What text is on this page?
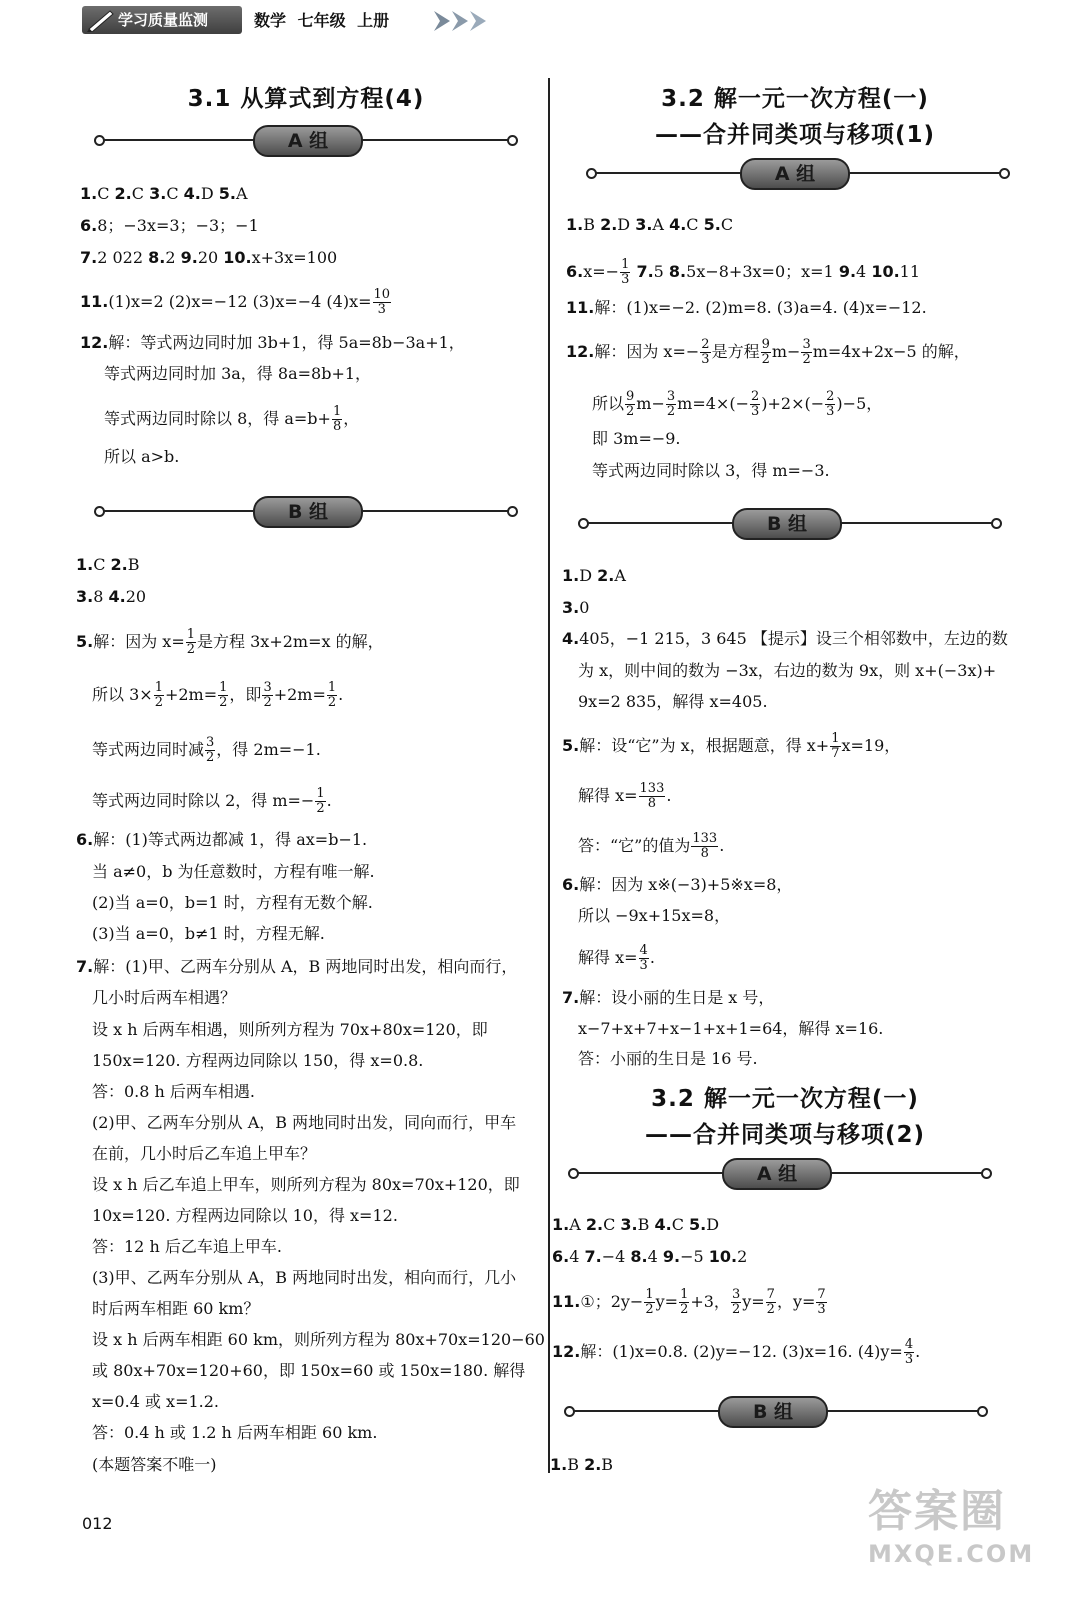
学习质量监测	数学 七年级 上册
3.1 从算式到方程(4)
A 组
1.C 2.C 3.C 4.D 5.A
6.8；−3x=3；−3；−1
7.2 022 8.2 9.20 10.x+3x=100
11.(1)x=2 (2)x=−12 (3)x=−4 $(4)x= \frac{10}{3}$
12.解：等式两边同时加 3b+1，得 5a=8b−3a+1，
等式两边同时加 3a，得 8a=8b+1，
等式两边同时除以 8，得 $a=b+ \frac{1}{8}$ ，
所以 a>b.
B 组
1.C 2.B
3.8 4.20
5.解：因为 $x= \frac{1}{2}$ 是方程 3x+2m=x 的解，
所以 $3\times \frac{1}{2} +2m= \frac{1}{2}$ ，即 $\frac{3}{2} +2m= \frac{1}{2}$ .
等式两边同时减 $\frac{3}{2}$ ，得 2m=−1.
等式两边同时除以 2，得 $m=- \frac{1}{2}$ .
6.解：(1)等式两边都减 1，得 ax=b−1.
当 a≠0，b 为任意数时，方程有唯一解.
(2)当 a=0，b=1 时，方程有无数个解.
(3)当 a=0，b≠1 时，方程无解.
7.解：(1)甲、乙两车分别从 A，B 两地同时出发，相向而行，
几小时后两车相遇？
设 x h 后两车相遇，则所列方程为 70x+80x=120，即
150x=120. 方程两边同除以 150，得 x=0.8.
答：0.8 h 后两车相遇.
(2)甲、乙两车分别从 A，B 两地同时出发，同向而行，甲车
在前，几小时后乙车追上甲车？
设 x h 后乙车追上甲车，则所列方程为 80x=70x+120，即
10x=120. 方程两边同除以 10，得 x=12.
答：12 h 后乙车追上甲车.
(3)甲、乙两车分别从 A，B 两地同时出发，相向而行，几小
时后两车相距 60 km？
设 x h 后两车相距 60 km，则所列方程为 80x+70x=120−60
或 80x+70x=120+60，即 150x=60 或 150x=180. 解得
x=0.4 或 x=1.2.
答：0.4 h 或 1.2 h 后两车相距 60 km.
(本题答案不唯一)
3.2 解一元一次方程(一)
——合并同类项与移项(1)
A 组
1.B 2.D 3.A 4.C 5.C
$6.x=- \frac{1}{3} 7.5$ 8.5x−8+3x=0；x=1 9.4 10.11
11.解：(1)x=−2. (2)m=8. (3)a=4. (4)x=−12.
12.解：因为 $x=- \frac{2}{3}$ 是方程 $\frac{9}{2} m- \frac{3}{2} m=4x+2x-5$ 的解，
所以 $\frac{9}{2} m- \frac{3}{2} m=4\times(- \frac{2}{3} )+2\times(- \frac{2}{3} )-5$，
即 3m=−9.
等式两边同时除以 3，得 m=−3.
B 组
1.D 2.A
3.0
4.405，−1 215，3 645 【提示】设三个相邻数中，左边的数
为 x，则中间的数为 −3x，右边的数为 9x，则 x+(−3x)+
9x=2 835，解得 x=405.
5.解：设“它”为 x，根据题意，得 $x+ \frac{1}{7} x=19$，
解得 $x= \frac{133}{8}$ .
答：“它”的值为 $\frac{133}{8}$ .
6.解：因为 x※(−3)+5※x=8，
所以 −9x+15x=8，
解得 $x= \frac{4}{3}$ .
7.解：设小丽的生日是 x 号，
x−7+x+7+x−1+x+1=64，解得 x=16.
答：小丽的生日是 16 号.
3.2 解一元一次方程(一)
——合并同类项与移项(2)
A 组
1.A 2.C 3.B 4.C 5.D
6.4 7.−4 8.4 9.−5 10.2
11.①；$2y- \frac{1}{2} y= \frac{1}{2} +3$， $\frac{3}{2} y= \frac{7}{2}$ ，$y= \frac{7}{3}$
12.解：(1)x=0.8. (2)y=−12. (3)x=16. $(4)y= \frac{4}{3}$ .
B 组
1.B 2.B
012	答案圈
MXQE.COM
